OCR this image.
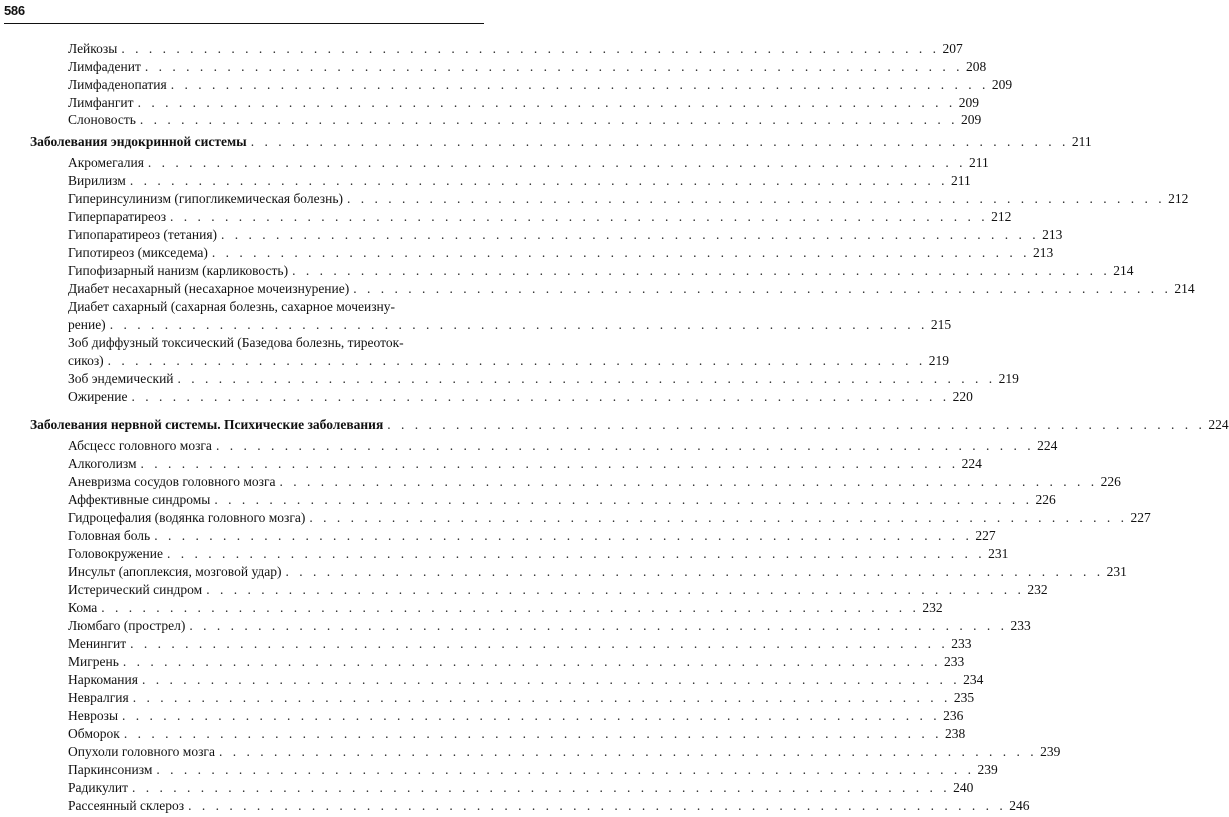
586
Лейкозы . . . . . . . . . . . . . . . . . . . . . . . . . . . . . . . . . . . . . . . . . . . . . . . . . . . . . . . . . . . . 207
Лимфаденит . . . . . . . . . . . . . . . . . . . . . . . . . . . . . . . . . . . . . . . . . . . . . . . . . . . . . . . . . . . . 208
Лимфаденопатия . . . . . . . . . . . . . . . . . . . . . . . . . . . . . . . . . . . . . . . . . . . . . . . . . . . . . . . . . . . . 209
Лимфангит . . . . . . . . . . . . . . . . . . . . . . . . . . . . . . . . . . . . . . . . . . . . . . . . . . . . . . . . . . . . 209
Слоновость . . . . . . . . . . . . . . . . . . . . . . . . . . . . . . . . . . . . . . . . . . . . . . . . . . . . . . . . . . . . 209
Заболевания эндокринной системы . . . . . . . . . . . . . . . . . . . . . . . . . . . . . . . . . . . . . . . . . . . . . . . . . . . . . . . . . . . . 211
Акромегалия . . . . . . . . . . . . . . . . . . . . . . . . . . . . . . . . . . . . . . . . . . . . . . . . . . . . . . . . . . . . 211
Вирилизм . . . . . . . . . . . . . . . . . . . . . . . . . . . . . . . . . . . . . . . . . . . . . . . . . . . . . . . . . . . . 211
Гиперинсулинизм (гипогликемическая болезнь) . . . . . . . . . . . . . . . . . . . . . . . . . . . . . . . . . . . . . . . . . . . . . . . . . . . . . . . . . . . . 212
Гиперпаратиреоз . . . . . . . . . . . . . . . . . . . . . . . . . . . . . . . . . . . . . . . . . . . . . . . . . . . . . . . . . . . . 212
Гипопаратиреоз (тетания) . . . . . . . . . . . . . . . . . . . . . . . . . . . . . . . . . . . . . . . . . . . . . . . . . . . . . . . . . . . . 213
Гипотиреоз (микседема) . . . . . . . . . . . . . . . . . . . . . . . . . . . . . . . . . . . . . . . . . . . . . . . . . . . . . . . . . . . . 213
Гипофизарный нанизм (карликовость) . . . . . . . . . . . . . . . . . . . . . . . . . . . . . . . . . . . . . . . . . . . . . . . . . . . . . . . . . . . . 214
Диабет несахарный (несахарное мочеизнурение) . . . . . . . . . . . . . . . . . . . . . . . . . . . . . . . . . . . . . . . . . . . . . . . . . . . . . . . . . . . . 214
Диабет сахарный (сахарная болезнь, сахарное мочеизну-
рение) . . . . . . . . . . . . . . . . . . . . . . . . . . . . . . . . . . . . . . . . . . . . . . . . . . . . . . . . . . . . 215
Зоб диффузный токсический (Базедова болезнь, тиреоток-
сикоз) . . . . . . . . . . . . . . . . . . . . . . . . . . . . . . . . . . . . . . . . . . . . . . . . . . . . . . . . . . . . 219
Зоб эндемический . . . . . . . . . . . . . . . . . . . . . . . . . . . . . . . . . . . . . . . . . . . . . . . . . . . . . . . . . . . . 219
Ожирение . . . . . . . . . . . . . . . . . . . . . . . . . . . . . . . . . . . . . . . . . . . . . . . . . . . . . . . . . . . . 220
Заболевания нервной системы. Психические заболевания . . . . . . . . . . . . . . . . . . . . . . . . . . . . . . . . . . . . . . . . . . . . . . . . . . . . . . . . . . . . 224
Абсцесс головного мозга . . . . . . . . . . . . . . . . . . . . . . . . . . . . . . . . . . . . . . . . . . . . . . . . . . . . . . . . . . . . 224
Алкоголизм . . . . . . . . . . . . . . . . . . . . . . . . . . . . . . . . . . . . . . . . . . . . . . . . . . . . . . . . . . . . 224
Аневризма сосудов головного мозга . . . . . . . . . . . . . . . . . . . . . . . . . . . . . . . . . . . . . . . . . . . . . . . . . . . . . . . . . . . . 226
Аффективные синдромы . . . . . . . . . . . . . . . . . . . . . . . . . . . . . . . . . . . . . . . . . . . . . . . . . . . . . . . . . . . . 226
Гидроцефалия (водянка головного мозга) . . . . . . . . . . . . . . . . . . . . . . . . . . . . . . . . . . . . . . . . . . . . . . . . . . . . . . . . . . . . 227
Головная боль . . . . . . . . . . . . . . . . . . . . . . . . . . . . . . . . . . . . . . . . . . . . . . . . . . . . . . . . . . . . 227
Головокружение . . . . . . . . . . . . . . . . . . . . . . . . . . . . . . . . . . . . . . . . . . . . . . . . . . . . . . . . . . . . 231
Инсульт (апоплексия, мозговой удар) . . . . . . . . . . . . . . . . . . . . . . . . . . . . . . . . . . . . . . . . . . . . . . . . . . . . . . . . . . . . 231
Истерический синдром . . . . . . . . . . . . . . . . . . . . . . . . . . . . . . . . . . . . . . . . . . . . . . . . . . . . . . . . . . . . 232
Кома . . . . . . . . . . . . . . . . . . . . . . . . . . . . . . . . . . . . . . . . . . . . . . . . . . . . . . . . . . . . 232
Люмбаго (прострел) . . . . . . . . . . . . . . . . . . . . . . . . . . . . . . . . . . . . . . . . . . . . . . . . . . . . . . . . . . . . 233
Менингит . . . . . . . . . . . . . . . . . . . . . . . . . . . . . . . . . . . . . . . . . . . . . . . . . . . . . . . . . . . . 233
Мигрень . . . . . . . . . . . . . . . . . . . . . . . . . . . . . . . . . . . . . . . . . . . . . . . . . . . . . . . . . . . . 233
Наркомания . . . . . . . . . . . . . . . . . . . . . . . . . . . . . . . . . . . . . . . . . . . . . . . . . . . . . . . . . . . . 234
Невралгия . . . . . . . . . . . . . . . . . . . . . . . . . . . . . . . . . . . . . . . . . . . . . . . . . . . . . . . . . . . . 235
Неврозы . . . . . . . . . . . . . . . . . . . . . . . . . . . . . . . . . . . . . . . . . . . . . . . . . . . . . . . . . . . . 236
Обморок . . . . . . . . . . . . . . . . . . . . . . . . . . . . . . . . . . . . . . . . . . . . . . . . . . . . . . . . . . . . 238
Опухоли головного мозга . . . . . . . . . . . . . . . . . . . . . . . . . . . . . . . . . . . . . . . . . . . . . . . . . . . . . . . . . . . . 239
Паркинсонизм . . . . . . . . . . . . . . . . . . . . . . . . . . . . . . . . . . . . . . . . . . . . . . . . . . . . . . . . . . . . 239
Радикулит . . . . . . . . . . . . . . . . . . . . . . . . . . . . . . . . . . . . . . . . . . . . . . . . . . . . . . . . . . . . 240
Рассеянный склероз . . . . . . . . . . . . . . . . . . . . . . . . . . . . . . . . . . . . . . . . . . . . . . . . . . . . . . . . . . . . 246
